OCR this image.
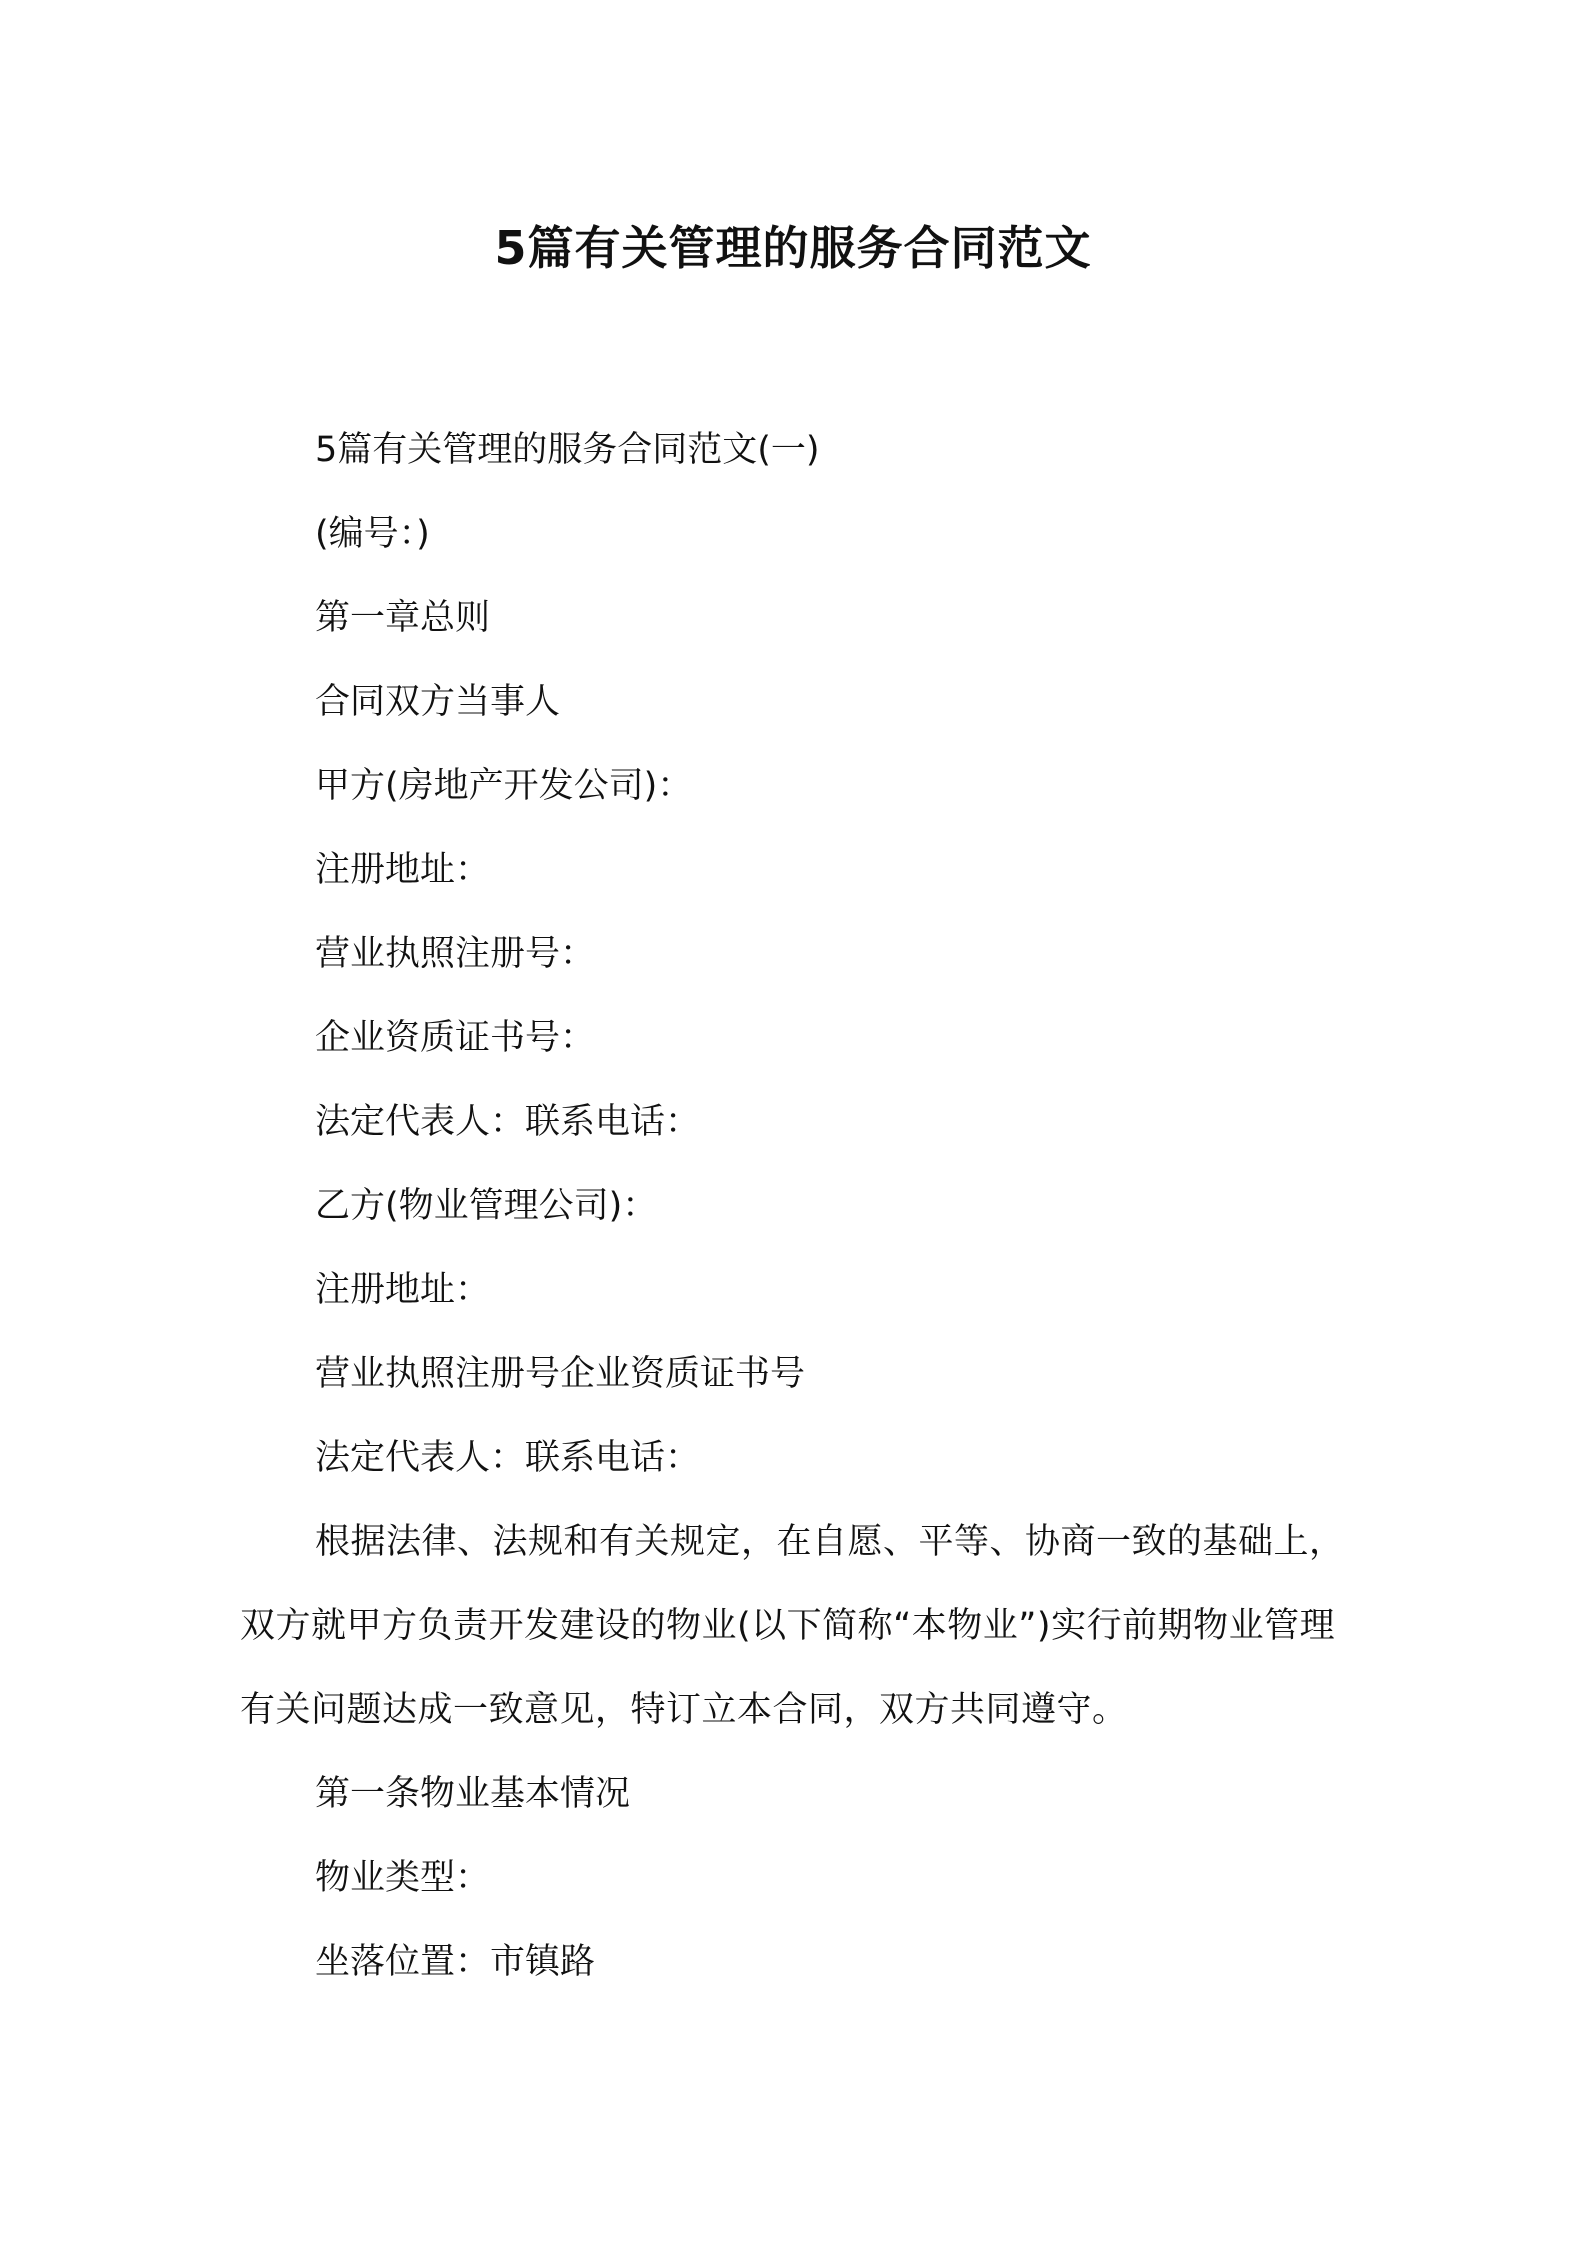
5篇有关管理的服务合同范文

5篇有关管理的服务合同范文(一)

(编号：)

第一章总则

合同双方当事人

甲方(房地产开发公司)：

注册地址：

营业执照注册号：

企业资质证书号：

法定代表人：联系电话：

乙方(物业管理公司)：

注册地址：

营业执照注册号企业资质证书号

法定代表人：联系电话：

根据法律、法规和有关规定，在自愿、平等、协商一致的基础上，双方就甲方负责开发建设的物业(以下简称“本物业”)实行前期物业管理有关问题达成一致意见，特订立本合同，双方共同遵守。

第一条物业基本情况

物业类型：

坐落位置：市镇路
